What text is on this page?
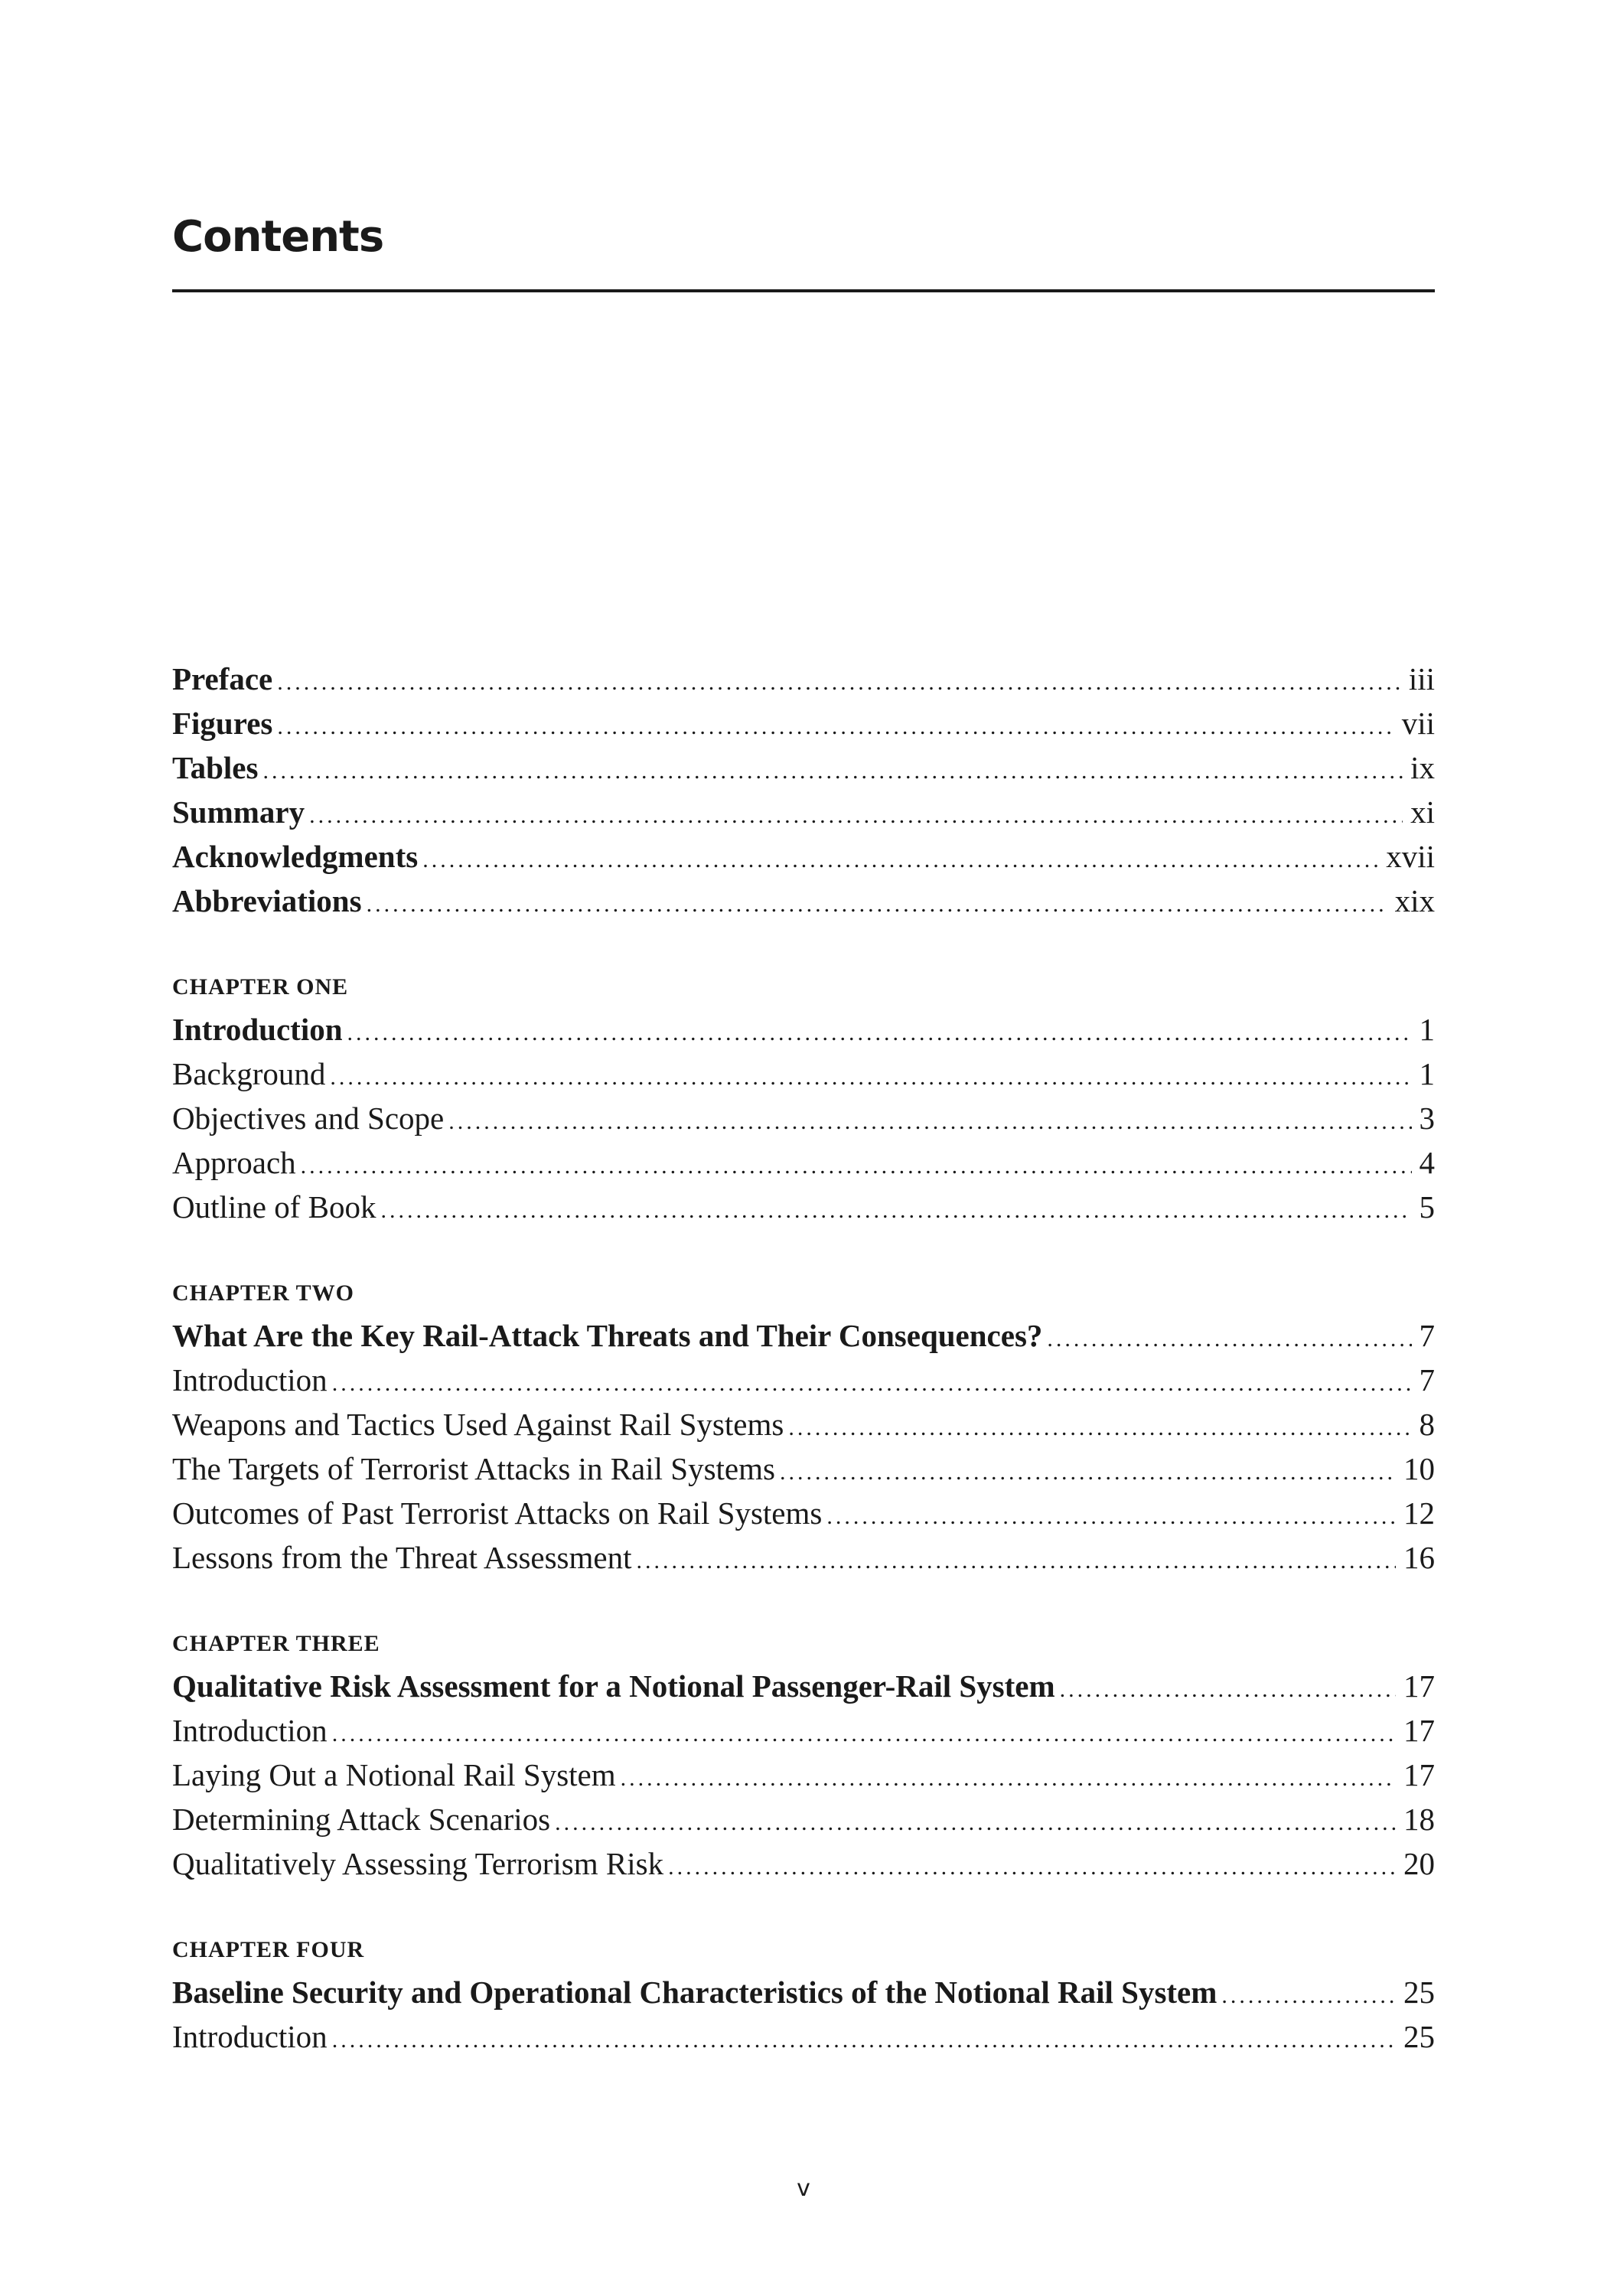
Contents
Preface .....	iii
Figures .....	vii
Tables .....	ix
Summary .....	xi
Acknowledgments .....	xvii
Abbreviations .....	xix
CHAPTER ONE
Introduction .....	1
Background .....	1
Objectives and Scope .....	3
Approach .....	4
Outline of Book .....	5
CHAPTER TWO
What Are the Key Rail-Attack Threats and Their Consequences? .....	7
Introduction .....	7
Weapons and Tactics Used Against Rail Systems .....	8
The Targets of Terrorist Attacks in Rail Systems .....	10
Outcomes of Past Terrorist Attacks on Rail Systems .....	12
Lessons from the Threat Assessment .....	16
CHAPTER THREE
Qualitative Risk Assessment for a Notional Passenger-Rail System .....	17
Introduction .....	17
Laying Out a Notional Rail System .....	17
Determining Attack Scenarios .....	18
Qualitatively Assessing Terrorism Risk .....	20
CHAPTER FOUR
Baseline Security and Operational Characteristics of the Notional Rail System .....	25
Introduction .....	25
v
